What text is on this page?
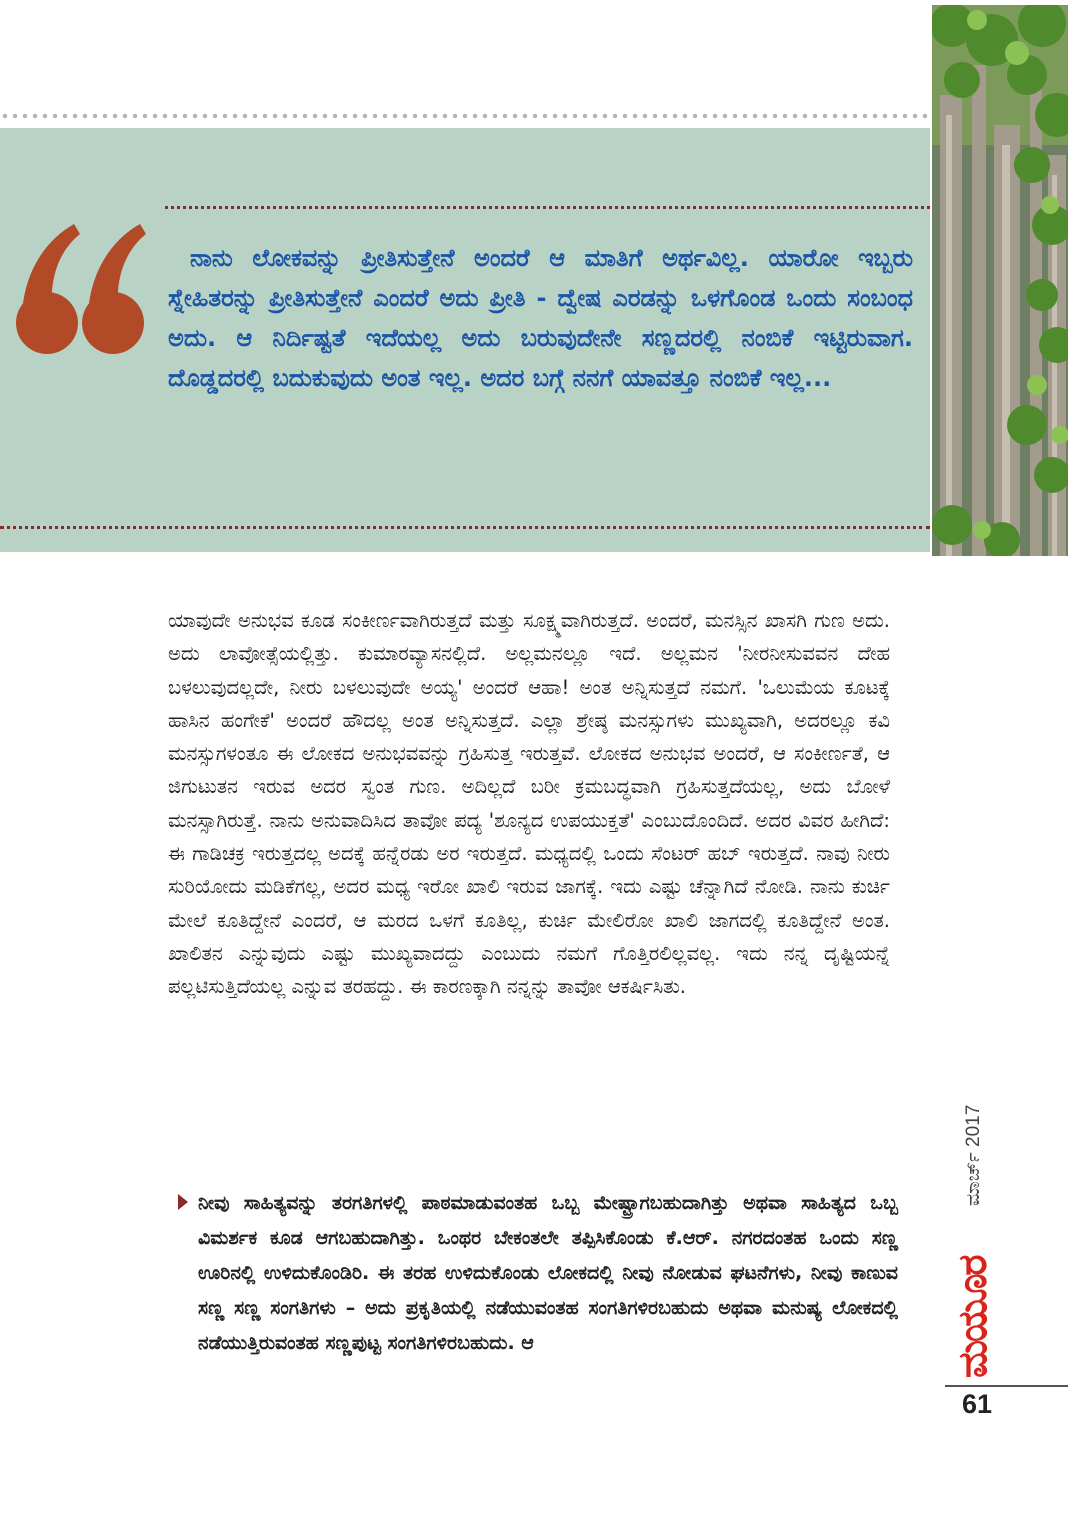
ನಾನು ಲೋಕವನ್ನು ಪ್ರೀತಿಸುತ್ತೇನೆ ಅಂದರೆ ಆ ಮಾತಿಗೆ ಅರ್ಥವಿಲ್ಲ. ಯಾರೋ ಇಬ್ಬರು ಸ್ನೇಹಿತರನ್ನು ಪ್ರೀತಿಸುತ್ತೇನೆ ಎಂದರೆ ಅದು ಪ್ರೀತಿ - ದ್ವೇಷ ಎರಡನ್ನು ಒಳಗೊಂಡ ಒಂದು ಸಂಬಂಧ ಅದು. ಆ ನಿರ್ದಿಷ್ಟತೆ ಇದೆಯಲ್ಲ ಅದು ಬರುವುದೇನೇ ಸಣ್ಣದರಲ್ಲಿ ನಂಬಿಕೆ ಇಟ್ಟಿರುವಾಗ. ದೊಡ್ಡದರಲ್ಲಿ ಬದುಕುವುದು ಅಂತ ಇಲ್ಲ. ಅದರ ಬಗ್ಗೆ ನನಗೆ ಯಾವತ್ತೂ ನಂಬಿಕೆ ಇಲ್ಲ...

ಯಾವುದೇ ಅನುಭವ ಕೂಡ ಸಂಕೀರ್ಣವಾಗಿರುತ್ತದೆ ಮತ್ತು ಸೂಕ್ಷ್ಮವಾಗಿರುತ್ತದೆ. ಅಂದರೆ, ಮನಸ್ಸಿನ ಖಾಸಗಿ ಗುಣ ಅದು. ಅದು ಲಾವೋತ್ಸೆಯಲ್ಲಿತ್ತು. ಕುಮಾರವ್ಯಾಸನಲ್ಲಿದೆ. ಅಲ್ಲಮನಲ್ಲೂ ಇದೆ. ಅಲ್ಲಮನ 'ನೀರನೀಸುವವನ ದೇಹ ಬಳಲುವುದಲ್ಲದೇ, ನೀರು ಬಳಲುವುದೇ ಅಯ್ಯ' ಅಂದರೆ ಆಹಾ! ಅಂತ ಅನ್ನಿಸುತ್ತದೆ ನಮಗೆ. 'ಒಲುಮೆಯ ಕೂಟಕ್ಕೆ ಹಾಸಿನ ಹಂಗೇಕೆ' ಅಂದರೆ ಹೌದಲ್ಲ ಅಂತ ಅನ್ನಿಸುತ್ತದೆ. ಎಲ್ಲಾ ಶ್ರೇಷ್ಠ ಮನಸ್ಸುಗಳು ಮುಖ್ಯವಾಗಿ, ಅದರಲ್ಲೂ ಕವಿ ಮನಸ್ಸುಗಳಂತೂ ಈ ಲೋಕದ ಅನುಭವವನ್ನು ಗ್ರಹಿಸುತ್ತ ಇರುತ್ತವೆ. ಲೋಕದ ಅನುಭವ ಅಂದರೆ, ಆ ಸಂಕೀರ್ಣತೆ, ಆ ಜಿಗುಟುತನ ಇರುವ ಅದರ ಸ್ವಂತ ಗುಣ. ಅದಿಲ್ಲದೆ ಬರೀ ಕ್ರಮಬದ್ಧವಾಗಿ ಗ್ರಹಿಸುತ್ತದೆಯಲ್ಲ, ಅದು ಬೋಳೆ ಮನಸ್ಸಾಗಿರುತ್ತೆ. ನಾನು ಅನುವಾದಿಸಿದ ತಾವೋ ಪದ್ಯ 'ಶೂನ್ಯದ ಉಪಯುಕ್ತತೆ' ಎಂಬುದೊಂದಿದೆ. ಅದರ ವಿವರ ಹೀಗಿದೆ: ಈ ಗಾಡಿಚಕ್ರ ಇರುತ್ತದಲ್ಲ ಅದಕ್ಕೆ ಹನ್ನೆರಡು ಅರ ಇರುತ್ತದೆ. ಮಧ್ಯದಲ್ಲಿ ಒಂದು ಸೆಂಟರ್ ಹಬ್ ಇರುತ್ತದೆ. ನಾವು ನೀರು ಸುರಿಯೋದು ಮಡಿಕೆಗಲ್ಲ, ಅದರ ಮಧ್ಯ ಇರೋ ಖಾಲಿ ಇರುವ ಜಾಗಕ್ಕೆ. ಇದು ಎಷ್ಟು ಚೆನ್ನಾಗಿದೆ ನೋಡಿ. ನಾನು ಕುರ್ಚಿ ಮೇಲೆ ಕೂತಿದ್ದೇನೆ ಎಂದರೆ, ಆ ಮರದ ಒಳಗೆ ಕೂತಿಲ್ಲ, ಕುರ್ಚಿ ಮೇಲಿರೋ ಖಾಲಿ ಜಾಗದಲ್ಲಿ ಕೂತಿದ್ದೇನೆ ಅಂತ. ಖಾಲಿತನ ಎನ್ನುವುದು ಎಷ್ಟು ಮುಖ್ಯವಾದದ್ದು ಎಂಬುದು ನಮಗೆ ಗೊತ್ತಿರಲಿಲ್ಲವಲ್ಲ. ಇದು ನನ್ನ ದೃಷ್ಟಿಯನ್ನೆ ಪಲ್ಲಟಿಸುತ್ತಿದೆಯಲ್ಲ ಎನ್ನುವ ತರಹದ್ದು. ಈ ಕಾರಣಕ್ಕಾಗಿ ನನ್ನನ್ನು ತಾವೋ ಆಕರ್ಷಿಸಿತು.

ನೀವು ಸಾಹಿತ್ಯವನ್ನು ತರಗತಿಗಳಲ್ಲಿ ಪಾಠಮಾಡುವಂತಹ ಒಬ್ಬ ಮೇಷ್ಟ್ರಾಗಬಹುದಾಗಿತ್ತು ಅಥವಾ ಸಾಹಿತ್ಯದ ಒಬ್ಬ ವಿಮರ್ಶಕ ಕೂಡ ಆಗಬಹುದಾಗಿತ್ತು. ಒಂಥರ ಬೇಕಂತಲೇ ತಪ್ಪಿಸಿಕೊಂಡು ಕೆ.ಆರ್. ನಗರದಂತಹ ಒಂದು ಸಣ್ಣ ಊರಿನಲ್ಲಿ ಉಳಿದುಕೊಂಡಿರಿ. ಈ ತರಹ ಉಳಿದುಕೊಂಡು ಲೋಕದಲ್ಲಿ ನೀವು ನೋಡುವ ಘಟನೆಗಳು, ನೀವು ಕಾಣುವ ಸಣ್ಣ ಸಣ್ಣ ಸಂಗತಿಗಳು – ಅದು ಪ್ರಕೃತಿಯಲ್ಲಿ ನಡೆಯುವಂತಹ ಸಂಗತಿಗಳಿರಬಹುದು ಅಥವಾ ಮನುಷ್ಯ ಲೋಕದಲ್ಲಿ ನಡೆಯುತ್ತಿರುವಂತಹ ಸಣ್ಣಪುಟ್ಟ ಸಂಗತಿಗಳಿರಬಹುದು. ಆ

ಮಾರ್ಚ್ 2017
ಮಯೂರ
61
